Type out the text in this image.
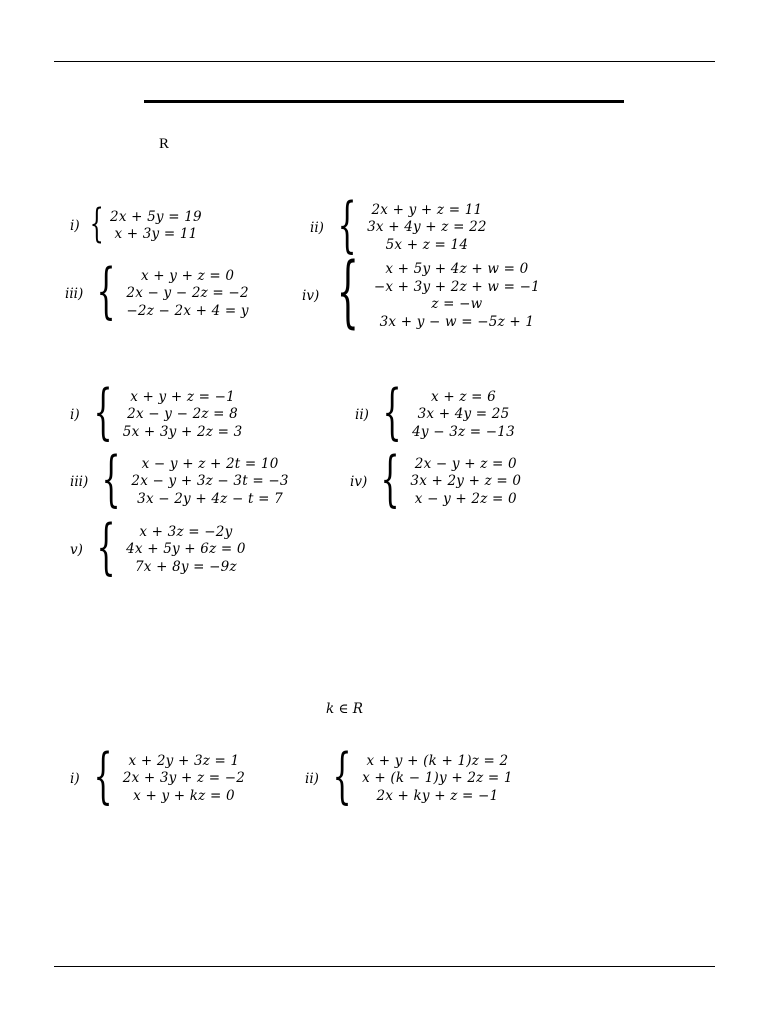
R
i) { 2x + 5y = 19
x + 3y = 11	ii) { 2x + y + z = 11
3x + 4y + z = 22
5x + z = 14
iii) { x + y + z = 0
2x − y − 2z = −2
−2z − 2x + 4 = y
iv) { x + 5y + 4z + w = 0
−x + 3y + 2z + w = −1
z = −w
3x + y − w = −5z + 1
i) { x + y + z = −1
2x − y − 2z = 8
5x + 3y + 2z = 3
ii) { x + z = 6
3x + 4y = 25
4y − 3z = −13
iii) { x − y + z + 2t = 10
2x − y + 3z − 3t = −3
3x − 2y + 4z − t = 7
iv) { 2x − y + z = 0
3x + 2y + z = 0
x − y + 2z = 0
v) { x + 3z = −2y
4x + 5y + 6z = 0
7x + 8y = −9z
k ∈ R
i) { x + 2y + 3z = 1
2x + 3y + z = −2
x + y + kz = 0
ii) { x + y + (k + 1)z = 2
x + (k − 1)y + 2z = 1
2x + ky + z = −1
